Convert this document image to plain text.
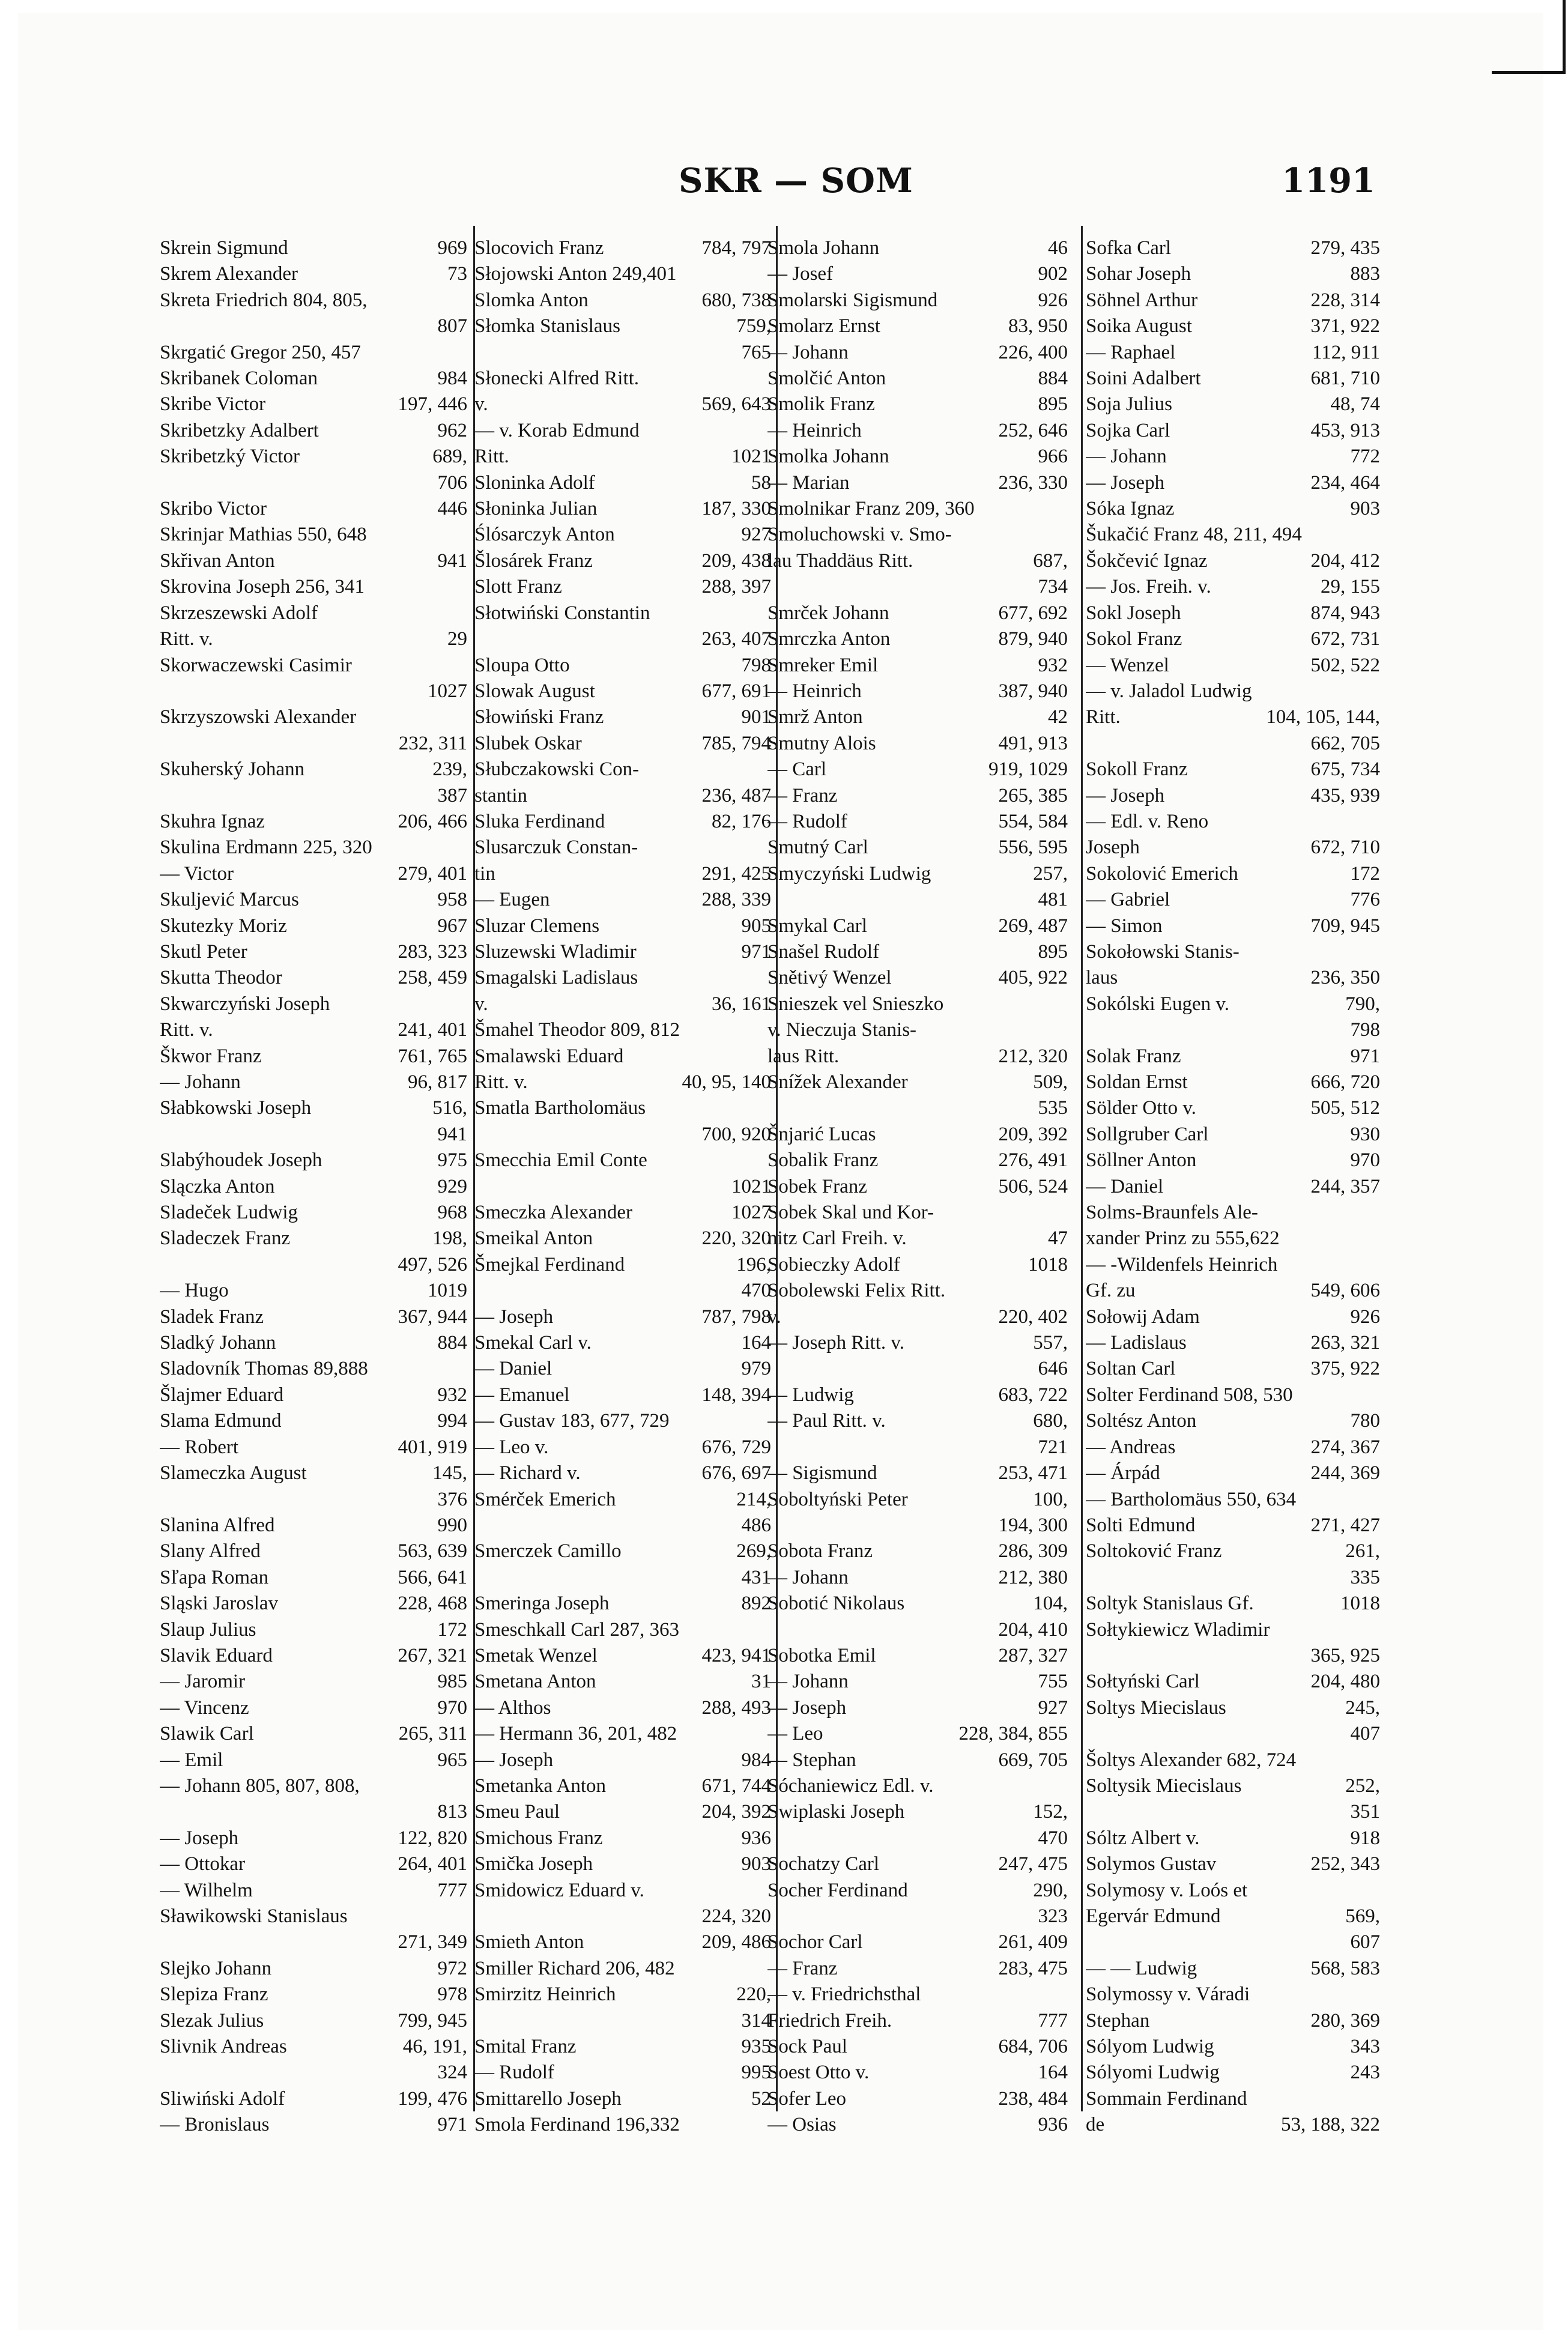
SKR — SOM	1191
Skrein Sigmund	969
Skrem Alexander	73
Skreta Friedrich 804, 805,
807
Skrgatić Gregor 250, 457
Skribanek Coloman	984
Skribe Victor	197, 446
Skribetzky Adalbert	962
Skribetzký Victor	689,
706
Skribo Victor	446
Skrinjar Mathias 550, 648
Skřivan Anton	941
Skrovina Joseph 256, 341
Skrzeszewski Adolf
Ritt. v.	29
Skorwaczewski Casimir
1027
Skrzyszowski Alexander
232, 311
Skuherský Johann	239,
387
Skuhra Ignaz	206, 466
Skulina Erdmann 225, 320
— Victor	279, 401
Skuljević Marcus	958
Skutezky Moriz	967
Skutl Peter	283, 323
Skutta Theodor	258, 459
Skwarczyński Joseph
Ritt. v.	241, 401
Škwor Franz	761, 765
— Johann	96, 817
Słabkowski Joseph	516,
941
Slabýhoudek Joseph	975
Slączka Anton	929
Sladeček Ludwig	968
Sladeczek Franz	198,
497, 526
— Hugo	1019
Sladek Franz	367, 944
Sladký Johann	884
Sladovník Thomas 89,888
Šlajmer Eduard	932
Slama Edmund	994
— Robert	401, 919
Slameczka August	145,
376
Slanina Alfred	990
Slany Alfred	563, 639
Sľapa Roman	566, 641
Sląski Jaroslav	228, 468
Slaup Julius	172
Slavik Eduard	267, 321
— Jaromir	985
— Vincenz	970
Slawik Carl	265, 311
— Emil	965
— Johann 805, 807, 808,
813
— Joseph	122, 820
— Ottokar	264, 401
— Wilhelm	777
Sławikowski Stanislaus
271, 349
Slejko Johann	972
Slepiza Franz	978
Slezak Julius	799, 945
Slivnik Andreas	46, 191,
324
Sliwiński Adolf	199, 476
— Bronislaus	971
Slocovich Franz	784, 797
Słojowski Anton 249,401
Slomka Anton	680, 738
Słomka Stanislaus	759,
765
Słonecki Alfred Ritt.
v.	569, 643
— v. Korab Edmund
Ritt.	1021
Sloninka Adolf	58
Słoninka Julian	187, 330
Ślósarczyk Anton	927
Šlosárek Franz	209, 438
Slott Franz	288, 397
Słotwiński Constantin
263, 407
Sloupa Otto	798
Slowak August	677, 691
Słowiński Franz	901
Slubek Oskar	785, 794
Słubczakowski Con-
stantin	236, 487
Sluka Ferdinand	82, 176
Slusarczuk Constan-
tin	291, 425
— Eugen	288, 339
Sluzar Clemens	905
Sluzewski Wladimir	971
Smagalski Ladislaus
v.	36, 161
Šmahel Theodor 809, 812
Smalawski Eduard
Ritt. v.	40, 95, 140
Smatla Bartholomäus
700, 920
Smecchia Emil Conte
1021
Smeczka Alexander	1027
Smeikal Anton	220, 320
Šmejkal Ferdinand	196,
470
— Joseph	787, 798
Smekal Carl v.	164
— Daniel	979
— Emanuel	148, 394
— Gustav 183, 677, 729
— Leo v.	676, 729
— Richard v.	676, 697
Smérček Emerich	214,
486
Smerczek Camillo	269,
431
Smeringa Joseph	892
Smeschkall Carl 287, 363
Smetak Wenzel	423, 941
Smetana Anton	31
— Althos	288, 493
— Hermann 36, 201, 482
— Joseph	984
Smetanka Anton	671, 744
Smeu Paul	204, 392
Smichous Franz	936
Smička Joseph	903
Smidowicz Eduard v.
224, 320
Smieth Anton	209, 486
Smiller Richard 206, 482
Smirzitz Heinrich	220,
314
Smital Franz	935
— Rudolf	995
Smittarello Joseph	52
Smola Ferdinand 196,332
Smola Johann	46
— Josef	902
Smolarski Sigismund	926
Smolarz Ernst	83, 950
— Johann	226, 400
Smolčić Anton	884
Smolik Franz	895
— Heinrich	252, 646
Smolka Johann	966
— Marian	236, 330
Smolnikar Franz 209, 360
Smoluchowski v. Smo-
lau Thaddäus Ritt.	687,
734
Smrček Johann	677, 692
Smrczka Anton	879, 940
Smreker Emil	932
— Heinrich	387, 940
Smrž Anton	42
Smutny Alois	491, 913
— Carl	919, 1029
— Franz	265, 385
— Rudolf	554, 584
Smutný Carl	556, 595
Smyczyński Ludwig	257,
481
Smykal Carl	269, 487
Snašel Rudolf	895
Snětivý Wenzel	405, 922
Snieszek vel Snieszko
v. Nieczuja Stanis-
laus Ritt.	212, 320
Snížek Alexander	509,
535
Šnjarić Lucas	209, 392
Sobalik Franz	276, 491
Sobek Franz	506, 524
Sobek Skal und Kor-
nitz Carl Freih. v.	47
Sobieczky Adolf	1018
Sobolewski Felix Ritt.
v.	220, 402
— Joseph Ritt. v.	557,
646
— Ludwig	683, 722
— Paul Ritt. v.	680,
721
— Sigismund	253, 471
Soboltyński Peter	100,
194, 300
Sobota Franz	286, 309
— Johann	212, 380
Sobotić Nikolaus	104,
204, 410
Sobotka Emil	287, 327
— Johann	755
— Joseph	927
— Leo	228, 384, 855
— Stephan	669, 705
Sóchaniewicz Edl. v.
Swiplaski Joseph	152,
470
Sochatzy Carl	247, 475
Socher Ferdinand	290,
323
Sochor Carl	261, 409
— Franz	283, 475
— v. Friedrichsthal
Friedrich Freih.	777
Sock Paul	684, 706
Soest Otto v.	164
Sofer Leo	238, 484
— Osias	936
Sofka Carl	279, 435
Sohar Joseph	883
Söhnel Arthur	228, 314
Soika August	371, 922
— Raphael	112, 911
Soini Adalbert	681, 710
Soja Julius	48, 74
Sojka Carl	453, 913
— Johann	772
— Joseph	234, 464
Sóka Ignaz	903
Šukačić Franz 48, 211, 494
Šokčević Ignaz	204, 412
— Jos. Freih. v.	29, 155
Sokl Joseph	874, 943
Sokol Franz	672, 731
— Wenzel	502, 522
— v. Jaladol Ludwig
Ritt.	104, 105, 144,
662, 705
Sokoll Franz	675, 734
— Joseph	435, 939
— Edl. v. Reno
Joseph	672, 710
Sokolović Emerich	172
— Gabriel	776
— Simon	709, 945
Sokołowski Stanis-
laus	236, 350
Sokólski Eugen v.	790,
798
Solak Franz	971
Soldan Ernst	666, 720
Sölder Otto v.	505, 512
Sollgruber Carl	930
Söllner Anton	970
— Daniel	244, 357
Solms-Braunfels Ale-
xander Prinz zu 555,622
— -Wildenfels Heinrich
Gf. zu	549, 606
Sołowij Adam	926
— Ladislaus	263, 321
Soltan Carl	375, 922
Solter Ferdinand 508, 530
Soltész Anton	780
— Andreas	274, 367
— Árpád	244, 369
— Bartholomäus 550, 634
Solti Edmund	271, 427
Soltoković Franz	261,
335
Soltyk Stanislaus Gf.	1018
Sołtykiewicz Wladimir
365, 925
Sołtyński Carl	204, 480
Soltys Miecislaus	245,
407
Šoltys Alexander 682, 724
Soltysik Miecislaus	252,
351
Sóltz Albert v.	918
Solymos Gustav	252, 343
Solymosy v. Loós et
Egervár Edmund	569,
607
— — Ludwig	568, 583
Solymossy v. Váradi
Stephan	280, 369
Sólyom Ludwig	343
Sólyomi Ludwig	243
Sommain Ferdinand
de	53, 188, 322
